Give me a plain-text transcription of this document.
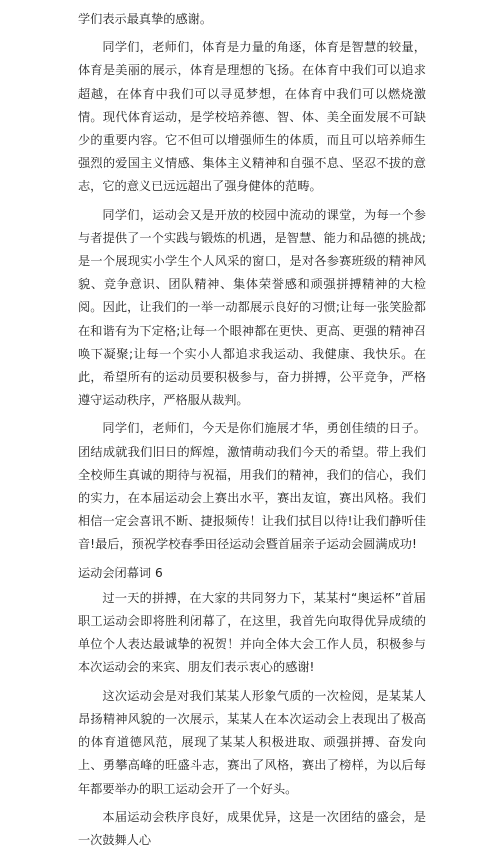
学们表示最真挚的感谢。

同学们，老师们，体育是力量的角逐，体育是智慧的较量，体育是美丽的展示，体育是理想的飞扬。在体育中我们可以追求超越，在体育中我们可以寻觅梦想，在体育中我们可以燃烧激情。现代体育运动，是学校培养德、智、体、美全面发展不可缺少的重要内容。它不但可以增强师生的体质，而且可以培养师生强烈的爱国主义情感、集体主义精神和自强不息、坚忍不拔的意志，它的意义已远远超出了强身健体的范畴。

同学们，运动会又是开放的校园中流动的课堂，为每一个参与者提供了一个实践与锻炼的机遇，是智慧、能力和品德的挑战;是一个展现实小学生个人风采的窗口，是对各参赛班级的精神风貌、竞争意识、团队精神、集体荣誉感和顽强拼搏精神的大检阅。因此，让我们的一举一动都展示良好的习惯;让每一张笑脸都在和谐有为下定格;让每一个眼神都在更快、更高、更强的精神召唤下凝聚;让每一个实小人都追求我运动、我健康、我快乐。在此，希望所有的运动员要积极参与，奋力拼搏，公平竞争，严格遵守运动秩序，严格服从裁判。

同学们，老师们，今天是你们施展才华，勇创佳绩的日子。团结成就我们旧日的辉煌，激情萌动我们今天的希望。带上我们全校师生真诚的期待与祝福，用我们的精神，我们的信心，我们的实力，在本届运动会上赛出水平，赛出友谊，赛出风格。我们相信一定会喜讯不断、捷报频传！让我们拭目以待!让我们静听佳音!最后，预祝学校春季田径运动会暨首届亲子运动会圆满成功!

运动会闭幕词 6

过一天的拼搏，在大家的共同努力下，某某村“奥运杯”首届职工运动会即将胜利闭幕了，在这里，我首先向取得优异成绩的单位个人表达最诚挚的祝贺！并向全体大会工作人员，积极参与本次运动会的来宾、朋友们表示衷心的感谢!

这次运动会是对我们某某人形象气质的一次检阅，是某某人昂扬精神风貌的一次展示，某某人在本次运动会上表现出了极高的体育道德风范，展现了某某人积极进取、顽强拼搏、奋发向上、勇攀高峰的旺盛斗志，赛出了风格，赛出了榜样，为以后每年都要举办的职工运动会开了一个好头。

本届运动会秩序良好，成果优异，这是一次团结的盛会，是一次鼓舞人心
